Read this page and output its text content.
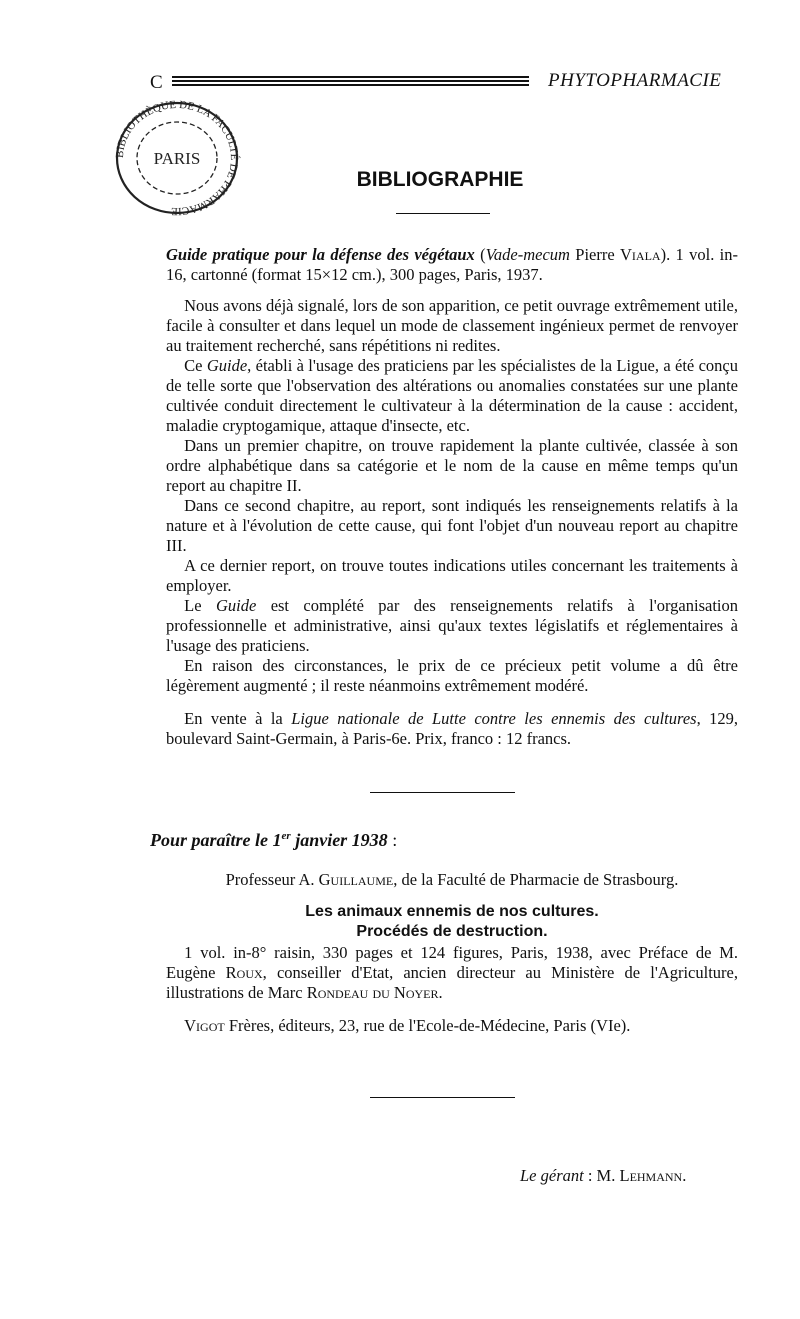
C	PHYTOPHARMACIE
BIBLIOTHÈQUE DE LA FACULTÉ DE PHARMACIE
PARIS
BIBLIOGRAPHIE

Guide pratique pour la défense des végétaux (Vade-mecum Pierre Viala). 1 vol. in-16, cartonné (format 15×12 cm.), 300 pages, Paris, 1937.

Nous avons déjà signalé, lors de son apparition, ce petit ouvrage extrêmement utile, facile à consulter et dans lequel un mode de classement ingénieux permet de renvoyer au traitement recherché, sans répétitions ni redites.

Ce Guide, établi à l'usage des praticiens par les spécialistes de la Ligue, a été conçu de telle sorte que l'observation des altérations ou anomalies constatées sur une plante cultivée conduit directement le cultivateur à la détermination de la cause : accident, maladie cryptogamique, attaque d'insecte, etc.

Dans un premier chapitre, on trouve rapidement la plante cultivée, classée à son ordre alphabétique dans sa catégorie et le nom de la cause en même temps qu'un report au chapitre II.

Dans ce second chapitre, au report, sont indiqués les renseignements relatifs à la nature et à l'évolution de cette cause, qui font l'objet d'un nouveau report au chapitre III.

A ce dernier report, on trouve toutes indications utiles concernant les traitements à employer.

Le Guide est complété par des renseignements relatifs à l'organisation professionnelle et administrative, ainsi qu'aux textes législatifs et réglementaires à l'usage des praticiens.

En raison des circonstances, le prix de ce précieux petit volume a dû être légèrement augmenté ; il reste néanmoins extrêmement modéré.

En vente à la Ligue nationale de Lutte contre les ennemis des cultures, 129, boulevard Saint-Germain, à Paris-6e. Prix, franco : 12 francs.

Pour paraître le 1er janvier 1938 :
Professeur A. Guillaume, de la Faculté de Pharmacie de Strasbourg.
Les animaux ennemis de nos cultures.
Procédés de destruction.

1 vol. in-8° raisin, 330 pages et 124 figures, Paris, 1938, avec Préface de M. Eugène Roux, conseiller d'Etat, ancien directeur au Ministère de l'Agriculture, illustrations de Marc Rondeau du Noyer.

Vigot Frères, éditeurs, 23, rue de l'Ecole-de-Médecine, Paris (VIe).

Le gérant : M. Lehmann.
